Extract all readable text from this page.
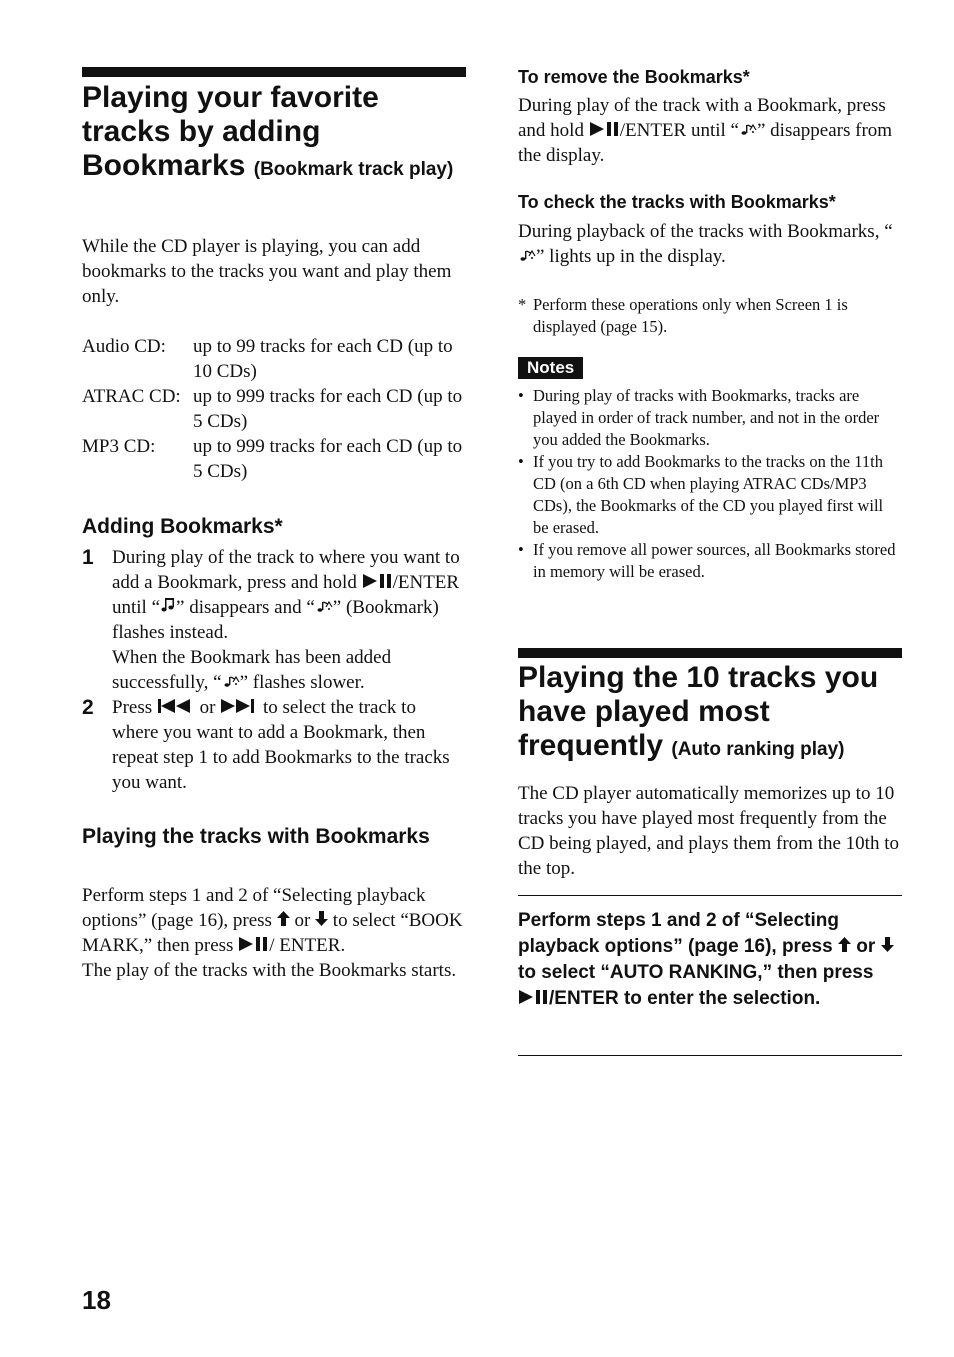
Playing your favorite tracks by adding Bookmarks (Bookmark track play)

While the CD player is playing, you can add bookmarks to the tracks you want and play them only.

Audio CD:	up to 99 tracks for each CD (up to 10 CDs)
ATRAC CD: up to 999 tracks for each CD (up to 5 CDs)
MP3 CD:	up to 999 tracks for each CD (up to 5 CDs)
Adding Bookmarks*
1 During play of the track to where you want to add a Bookmark, press and hold /ENTER until “ ” disappears and “ ” (Bookmark) flashes instead.
When the Bookmark has been added successfully, “ ” flashes slower.
2 Press	or	to select the track to where you want to add a Bookmark, then repeat step 1 to add Bookmarks to the tracks you want.
Playing the tracks with Bookmarks
Perform steps 1 and 2 of “Selecting playback options” (page 16), press or to select “BOOK MARK,” then press / ENTER.
The play of the tracks with the Bookmarks starts.
To remove the Bookmarks*
During play of the track with a Bookmark, press and hold /ENTER until “ ” disappears from the display.
To check the tracks with Bookmarks*
During playback of the tracks with Bookmarks, “” lights up in the display.
* Perform these operations only when Screen 1 is displayed (page 15).
Notes
• During play of tracks with Bookmarks, tracks are played in order of track number, and not in the order you added the Bookmarks.
• If you try to add Bookmarks to the tracks on the 11th CD (on a 6th CD when playing ATRAC CDs/MP3 CDs), the Bookmarks of the CD you played first will be erased.
• If you remove all power sources, all Bookmarks stored in memory will be erased.
Playing the 10 tracks you have played most frequently (Auto ranking play)

The CD player automatically memorizes up to 10 tracks you have played most frequently from the CD being played, and plays them from the 10th to the top.

Perform steps 1 and 2 of “Selecting playback options” (page 16), press or  to select “AUTO RANKING,” then press /ENTER to enter the selection.
18
